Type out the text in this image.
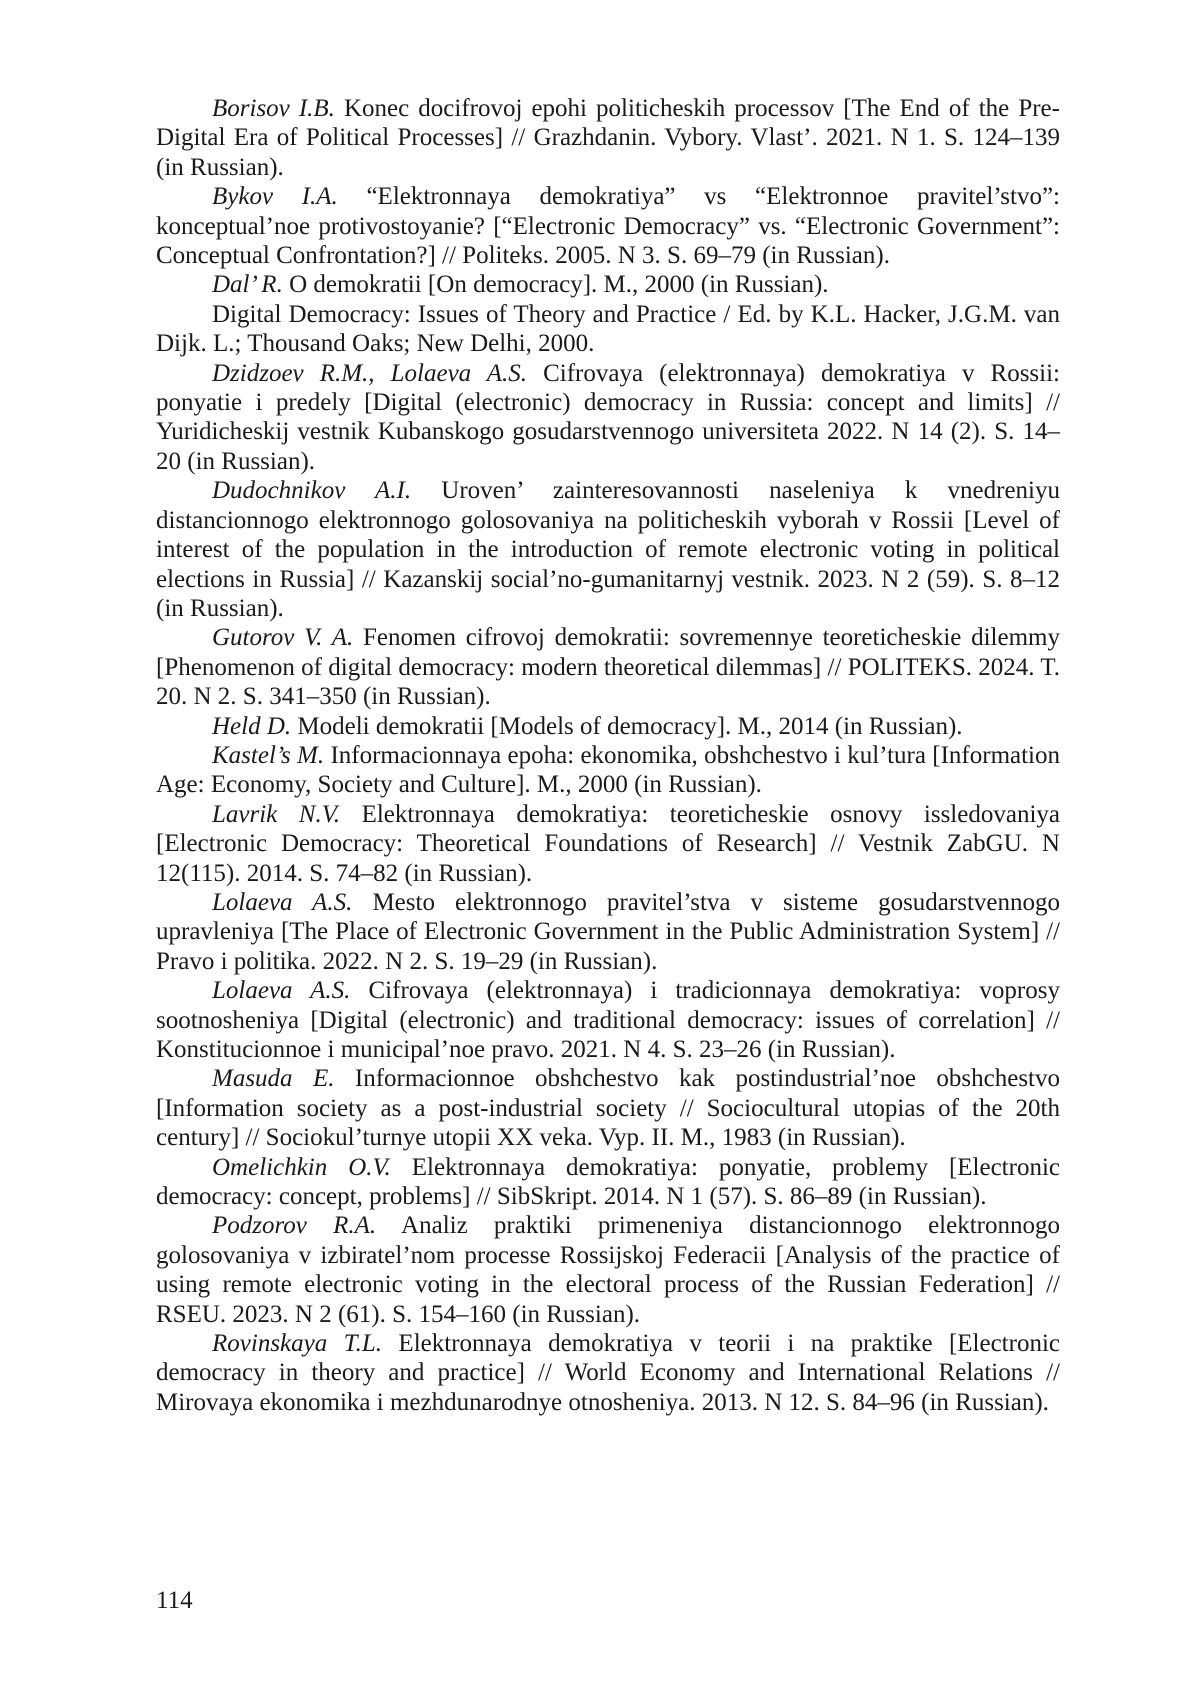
Borisov I.B. Konec docifrovoj epohi politicheskih processov [The End of the Pre-Digital Era of Political Processes] // Grazhdanin. Vybory. Vlast’. 2021. N 1. S. 124–139 (in Russian).

Bykov I.A. “Elektronnaya demokratiya” vs “Elektronnoe pravitel’stvo”: konceptual’noe protivostoyanie? [“Electronic Democracy” vs. “Electronic Government”: Conceptual Confrontation?] // Politeks. 2005. N 3. S. 69–79 (in Russian).

Dal’ R. O demokratii [On democracy]. M., 2000 (in Russian).

Digital Democracy: Issues of Theory and Practice / Ed. by K.L. Hacker, J.G.M. van Dijk. L.; Thousand Oaks; New Delhi, 2000.

Dzidzoev R.M., Lolaeva A.S. Cifrovaya (elektronnaya) demokratiya v Rossii: ponyatie i predely [Digital (electronic) democracy in Russia: concept and limits] // Yuridicheskij vestnik Kubanskogo gosudarstvennogo universiteta 2022. N 14 (2). S. 14–20 (in Russian).

Dudochnikov A.I. Uroven’ zainteresovannosti naseleniya k vnedreniyu distancionnogo elektronnogo golosovaniya na politicheskih vyborah v Rossii [Level of interest of the population in the introduction of remote electronic voting in political elections in Russia] // Kazanskij social’no-gumanitarnyj vestnik. 2023. N 2 (59). S. 8–12 (in Russian).

Gutorov V. A. Fenomen cifrovoj demokratii: sovremennye teoreticheskie dilemmy [Phenomenon of digital democracy: modern theoretical dilemmas] // POLITEKS. 2024. T. 20. N 2. S. 341–350 (in Russian).

Held D. Modeli demokratii [Models of democracy]. M., 2014 (in Russian).

Kastel’s M. Informacionnaya epoha: ekonomika, obshchestvo i kul’tura [Information Age: Economy, Society and Culture]. M., 2000 (in Russian).

Lavrik N.V. Elektronnaya demokratiya: teoreticheskie osnovy issledovaniya [Electronic Democracy: Theoretical Foundations of Research] // Vestnik ZabGU. N 12(115). 2014. S. 74–82 (in Russian).

Lolaeva A.S. Mesto elektronnogo pravitel’stva v sisteme gosudarstvennogo upravleniya [The Place of Electronic Government in the Public Administration System] // Pravo i politika. 2022. N 2. S. 19–29 (in Russian).

Lolaeva A.S. Cifrovaya (elektronnaya) i tradicionnaya demokratiya: voprosy sootnosheniya [Digital (electronic) and traditional democracy: issues of correlation] // Konstitucionnoe i municipal’noe pravo. 2021. N 4. S. 23–26 (in Russian).

Masuda E. Informacionnoe obshchestvo kak postindustrial’noe obshchestvo [Information society as a post-industrial society // Sociocultural utopias of the 20th century] // Sociokul’turnye utopii XX veka. Vyp. II. M., 1983 (in Russian).

Omelichkin O.V. Elektronnaya demokratiya: ponyatie, problemy [Electronic democracy: concept, problems] // SibSkript. 2014. N 1 (57). S. 86–89 (in Russian).

Podzorov R.A. Analiz praktiki primeneniya distancionnogo elektronnogo golosovaniya v izbiratel’nom processe Rossijskoj Federacii [Analysis of the practice of using remote electronic voting in the electoral process of the Russian Federation] // RSEU. 2023. N 2 (61). S. 154–160 (in Russian).

Rovinskaya T.L. Elektronnaya demokratiya v teorii i na praktike [Electronic democracy in theory and practice] // World Economy and International Relations // Mirovaya ekonomika i mezhdunarodnye otnosheniya. 2013. N 12. S. 84–96 (in Russian).

114
